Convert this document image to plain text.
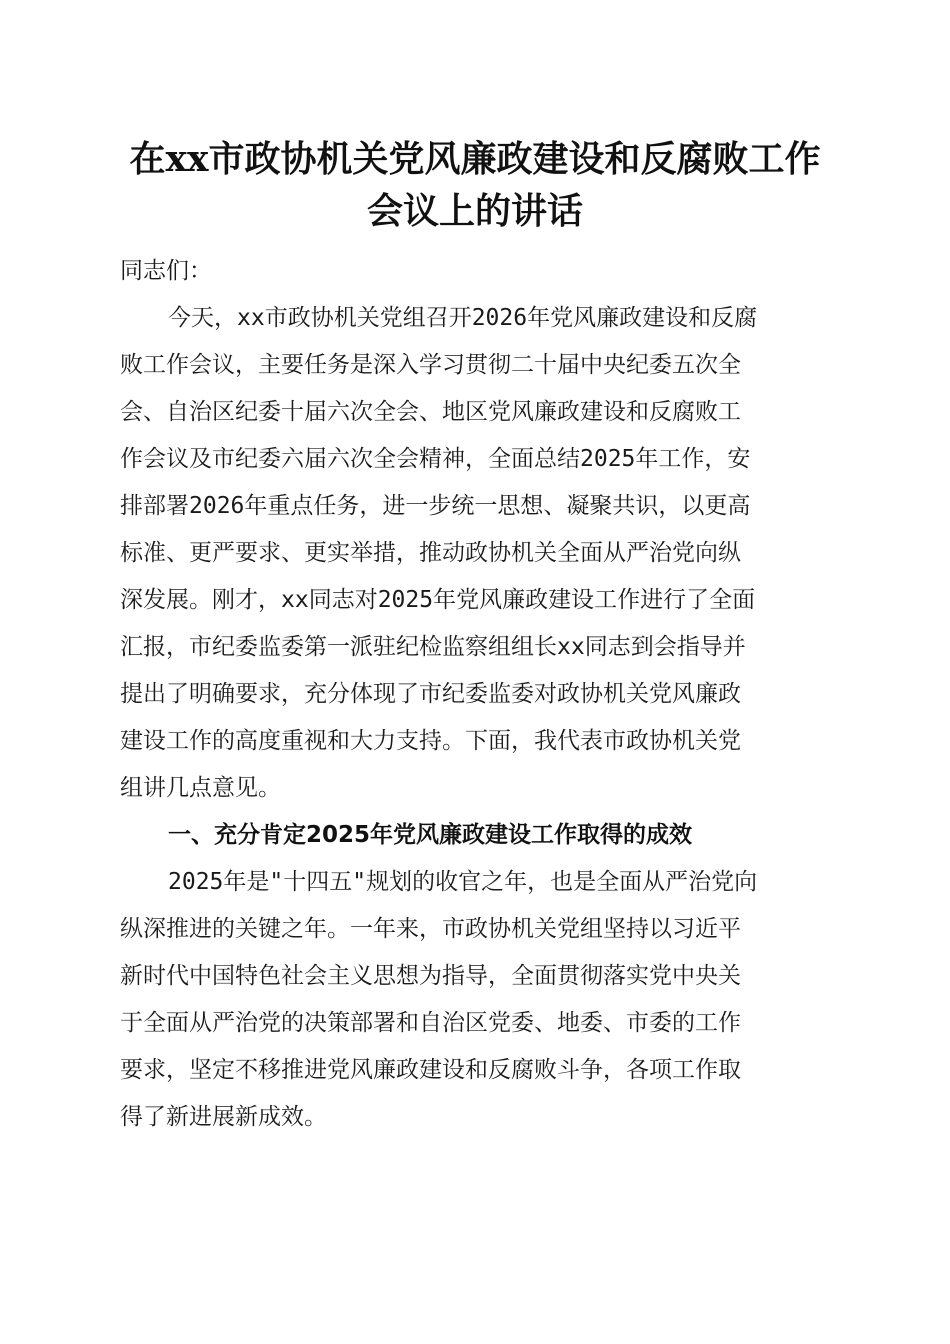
在xx市政协机关党风廉政建设和反腐败工作
会议上的讲话
同志们：
今天，xx市政协机关党组召开2026年党风廉政建设和反腐
败工作会议，主要任务是深入学习贯彻二十届中央纪委五次全
会、自治区纪委十届六次全会、地区党风廉政建设和反腐败工
作会议及市纪委六届六次全会精神，全面总结2025年工作，安
排部署2026年重点任务，进一步统一思想、凝聚共识，以更高
标准、更严要求、更实举措，推动政协机关全面从严治党向纵
深发展。刚才，xx同志对2025年党风廉政建设工作进行了全面
汇报，市纪委监委第一派驻纪检监察组组长xx同志到会指导并
提出了明确要求，充分体现了市纪委监委对政协机关党风廉政
建设工作的高度重视和大力支持。下面，我代表市政协机关党
组讲几点意见。
一、充分肯定2025年党风廉政建设工作取得的成效
2025年是"十四五"规划的收官之年，也是全面从严治党向
纵深推进的关键之年。一年来，市政协机关党组坚持以习近平
新时代中国特色社会主义思想为指导，全面贯彻落实党中央关
于全面从严治党的决策部署和自治区党委、地委、市委的工作
要求，坚定不移推进党风廉政建设和反腐败斗争，各项工作取
得了新进展新成效。
